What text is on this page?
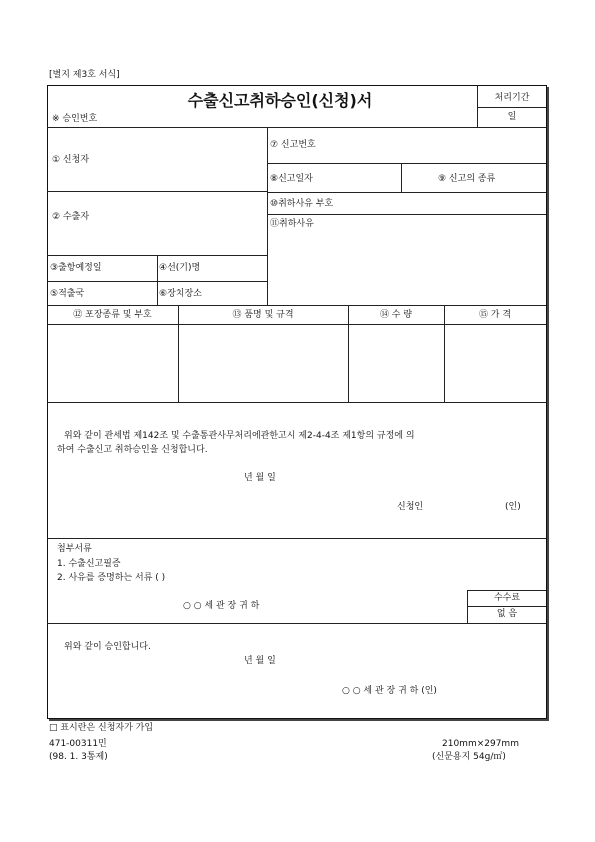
[별지 제3호 서식]
수출신고취하승인(신청)서
※ 승인번호
처리기간
일
① 신청자
② 수출자
③출항예정일	④선(기)명
⑤적출국	⑥장치장소
⑦ 신고번호
⑧신고일자	⑨ 신고의 종류
⑩취하사유 부호
⑪취하사유
⑫ 포장종류 및 부호	⑬ 품명 및 규격	⑭ 수 량	⑮ 가 격
위와 같이 관세법 제142조 및 수출통관사무처리에관한고시 제2-4-4조 제1항의 규정에 의
하여 수출신고 취하승인을 신청합니다.
년 월 일
신청인	(인)
첨부서류
1. 수출신고필증
2. 사유를 증명하는 서류 ( )
○ ○ 세 관 장 귀 하
수수료
없 음
위와 같이 승인합니다.
년 월 일
○ ○ 세 관 장 귀 하 (인)
□ 표시란은 신청자가 가입
471-00311민
(98. 1. 3통제)
210mm×297mm
(신문용지 54g/㎡)
